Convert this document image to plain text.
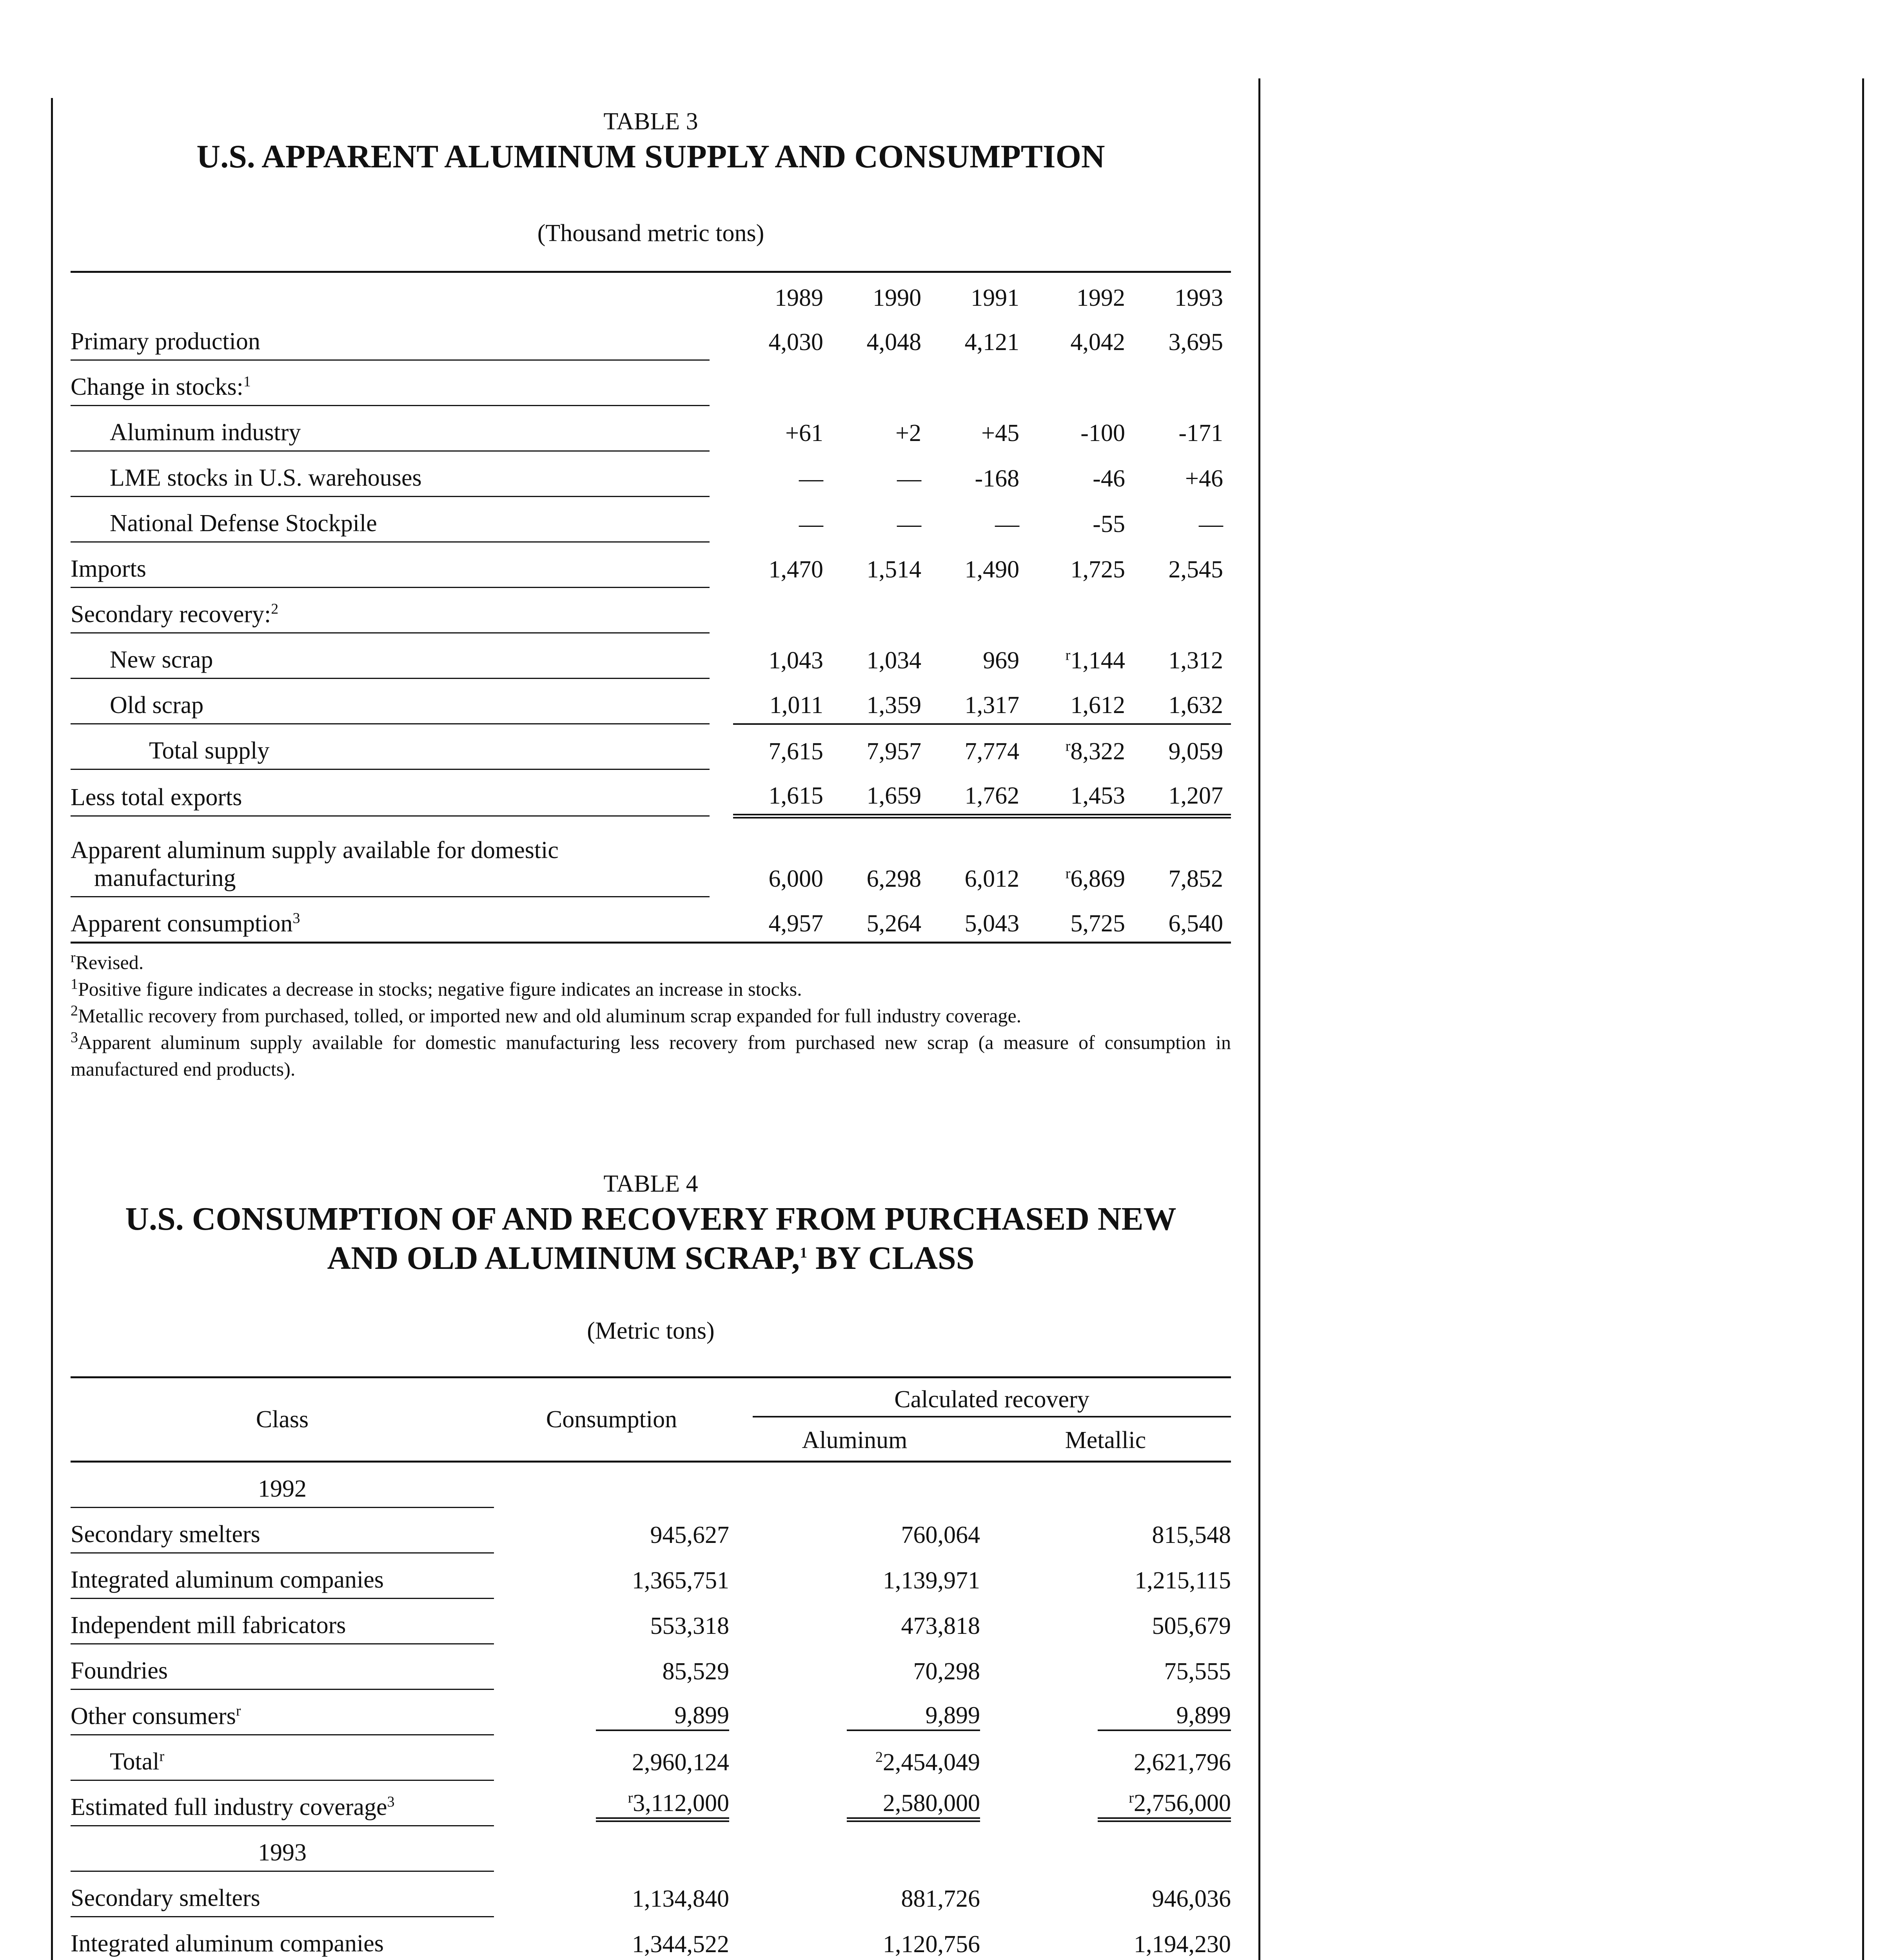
TABLE 3

U.S. APPARENT ALUMINUM SUPPLY AND CONSUMPTION

(Thousand metric tons)

		1989	1990	1991	1992	1993
Primary production		4,030	4,048	4,121	4,042	3,695
Change in stocks:$^1$						
Aluminum industry		+61	+2	+45	-100	-171
LME stocks in U.S. warehouses		—	—	-168	-46	+46
National Defense Stockpile		—	—	—	-55	—
Imports		1,470	1,514	1,490	1,725	2,545
Secondary recovery:$^2$						
New scrap		1,043	1,034	969	$^r$1,144	1,312
Old scrap		1,011	1,359	1,317	1,612	1,632
Total supply		7,615	7,957	7,774	$^r$8,322	9,059
Less total exports		1,615	1,659	1,762	1,453	1,207
Apparent aluminum supply available for domestic
manufacturing		6,000	6,298	6,012	$^r$6,869	7,852
Apparent consumption$^3$		4,957	5,264	5,043	5,725	6,540

$^r$Revised.

$^1$Positive figure indicates a decrease in stocks; negative figure indicates an increase in stocks.

$^2$Metallic recovery from purchased, tolled, or imported new and old aluminum scrap expanded for full industry coverage.

$^3$Apparent aluminum supply available for domestic manufacturing less recovery from purchased new scrap (a measure of consumption in manufactured end products).

TABLE 4

U.S. CONSUMPTION OF AND RECOVERY FROM PURCHASED NEW
AND OLD ALUMINUM SCRAP,$^1$ BY CLASS

(Metric tons)

Class	Consumption	Calculated recovery	

		Aluminum	Metallic
1992			
Secondary smelters	945,627	760,064	815,548
Integrated aluminum companies	1,365,751	1,139,971	1,215,115
Independent mill fabricators	553,318	473,818	505,679
Foundries	85,529	70,298	75,555
Other consumers$^r$	9,899	9,899	9,899
Total$^r$	2,960,124	$^2$2,454,049	2,621,796
Estimated full industry coverage$^3$	$^r$3,112,000	2,580,000	$^r$2,756,000
1993			
Secondary smelters	1,134,840	881,726	946,036
Integrated aluminum companies	1,344,522	1,120,756	1,194,230
